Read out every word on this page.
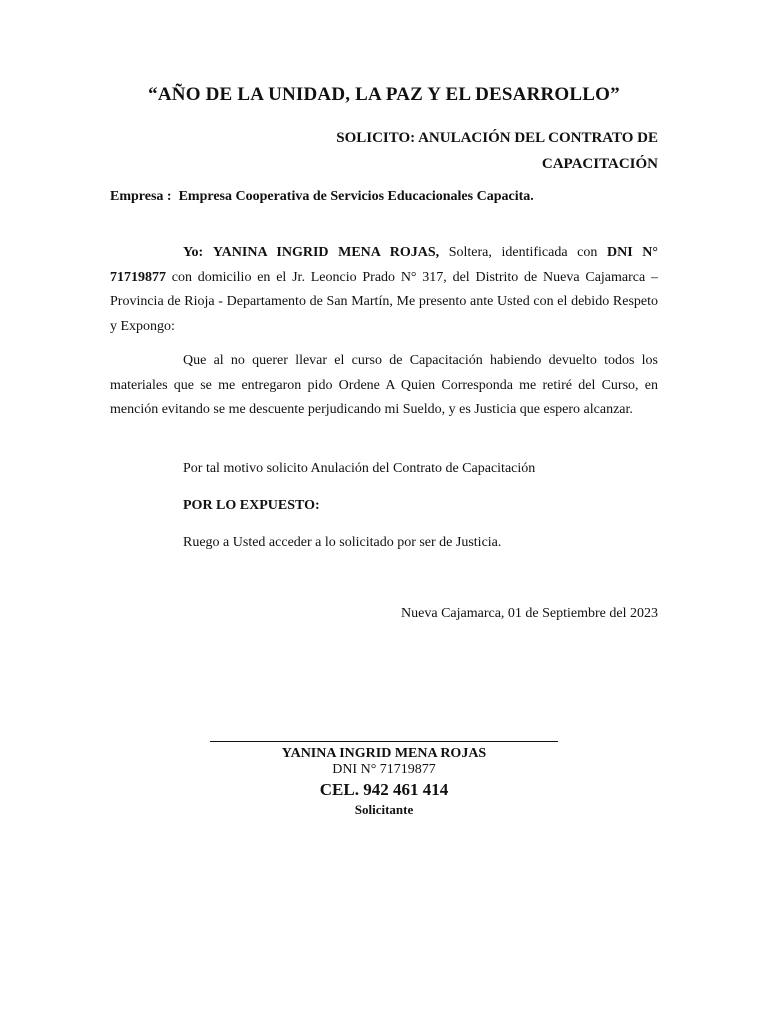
“AÑO DE LA UNIDAD, LA PAZ Y EL DESARROLLO”
SOLICITO: ANULACIÓN DEL CONTRATO DE
CAPACITACIÓN
Empresa : Empresa Cooperativa de Servicios Educacionales Capacita.
Yo: YANINA INGRID MENA ROJAS, Soltera, identificada con DNI N° 71719877 con domicilio en el Jr. Leoncio Prado N° 317, del Distrito de Nueva Cajamarca – Provincia de Rioja - Departamento de San Martín, Me presento ante Usted con el debido Respeto y Expongo:
Que al no querer llevar el curso de Capacitación habiendo devuelto todos los materiales que se me entregaron pido Ordene A Quien Corresponda me retiré del Curso, en mención evitando se me descuente perjudicando mi Sueldo, y es Justicia que espero alcanzar.
Por tal motivo solicito Anulación del Contrato de Capacitación
POR LO EXPUESTO:
Ruego a Usted acceder a lo solicitado por ser de Justicia.
Nueva Cajamarca, 01 de Septiembre del 2023
YANINA INGRID MENA ROJAS
DNI N° 71719877
CEL. 942 461 414
Solicitante
